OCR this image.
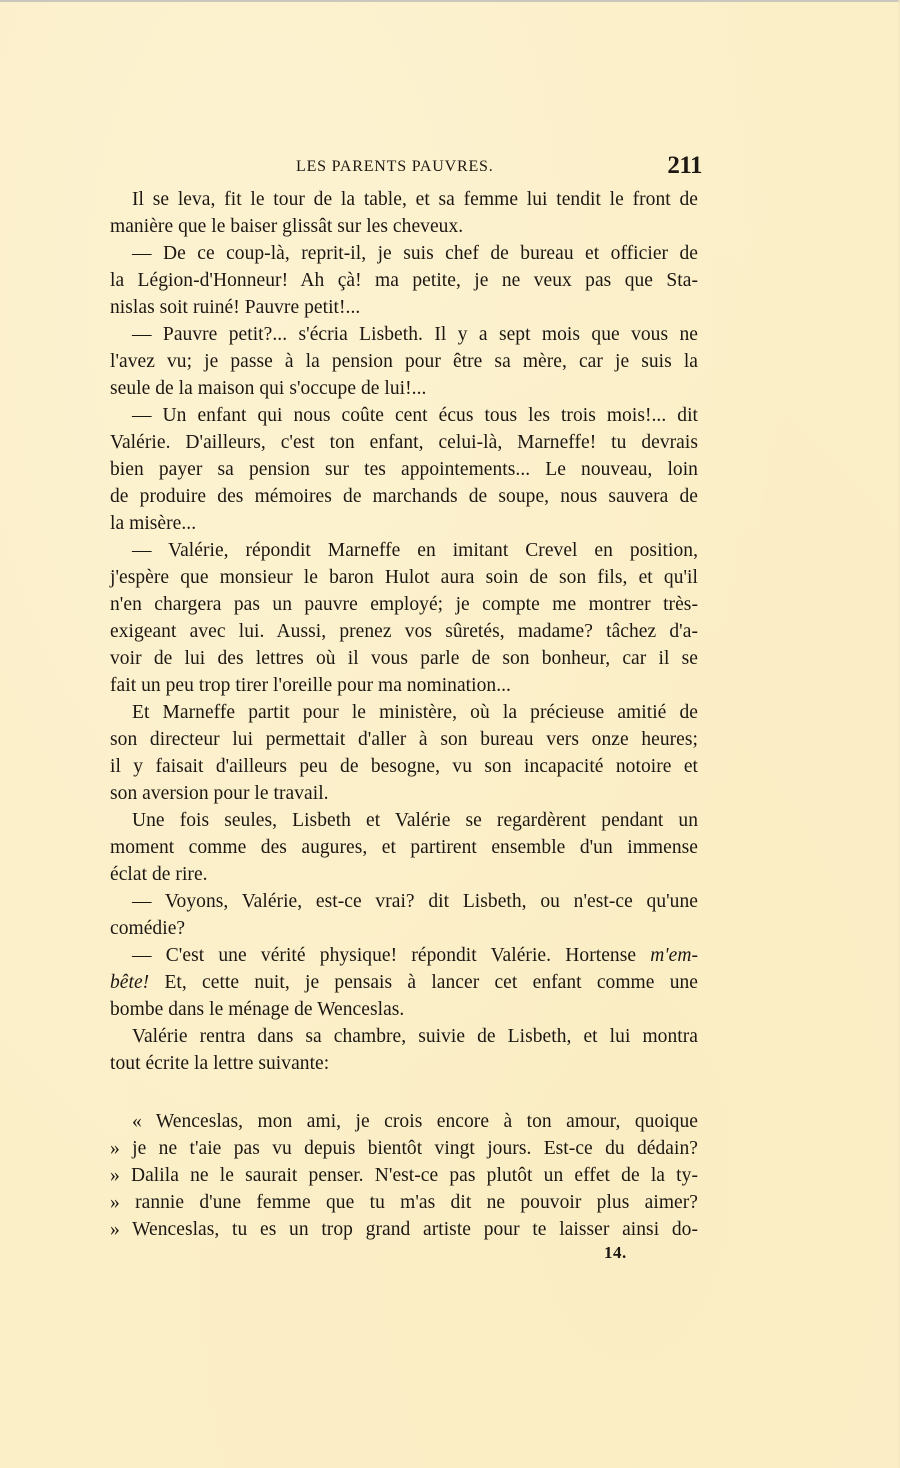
LES PARENTS PAUVRES.	211
Il se leva, fit le tour de la table, et sa femme lui tendit le front de
manière que le baiser glissât sur les cheveux.
— De ce coup-là, reprit-il, je suis chef de bureau et officier de
la Légion-d'Honneur! Ah çà! ma petite, je ne veux pas que Sta-
nislas soit ruiné! Pauvre petit!...
— Pauvre petit?... s'écria Lisbeth. Il y a sept mois que vous ne
l'avez vu; je passe à la pension pour être sa mère, car je suis la
seule de la maison qui s'occupe de lui!...
— Un enfant qui nous coûte cent écus tous les trois mois!... dit
Valérie. D'ailleurs, c'est ton enfant, celui-là, Marneffe! tu devrais
bien payer sa pension sur tes appointements... Le nouveau, loin
de produire des mémoires de marchands de soupe, nous sauvera de
la misère...
— Valérie, répondit Marneffe en imitant Crevel en position,
j'espère que monsieur le baron Hulot aura soin de son fils, et qu'il
n'en chargera pas un pauvre employé; je compte me montrer très-
exigeant avec lui. Aussi, prenez vos sûretés, madame? tâchez d'a-
voir de lui des lettres où il vous parle de son bonheur, car il se
fait un peu trop tirer l'oreille pour ma nomination...
Et Marneffe partit pour le ministère, où la précieuse amitié de
son directeur lui permettait d'aller à son bureau vers onze heures;
il y faisait d'ailleurs peu de besogne, vu son incapacité notoire et
son aversion pour le travail.
Une fois seules, Lisbeth et Valérie se regardèrent pendant un
moment comme des augures, et partirent ensemble d'un immense
éclat de rire.
— Voyons, Valérie, est-ce vrai? dit Lisbeth, ou n'est-ce qu'une
comédie?
— C'est une vérité physique! répondit Valérie. Hortense m'em-
bête! Et, cette nuit, je pensais à lancer cet enfant comme une
bombe dans le ménage de Wenceslas.
Valérie rentra dans sa chambre, suivie de Lisbeth, et lui montra
tout écrite la lettre suivante:
« Wenceslas, mon ami, je crois encore à ton amour, quoique
» je ne t'aie pas vu depuis bientôt vingt jours. Est-ce du dédain?
» Dalila ne le saurait penser. N'est-ce pas plutôt un effet de la ty-
» rannie d'une femme que tu m'as dit ne pouvoir plus aimer?
» Wenceslas, tu es un trop grand artiste pour te laisser ainsi do-
14.
